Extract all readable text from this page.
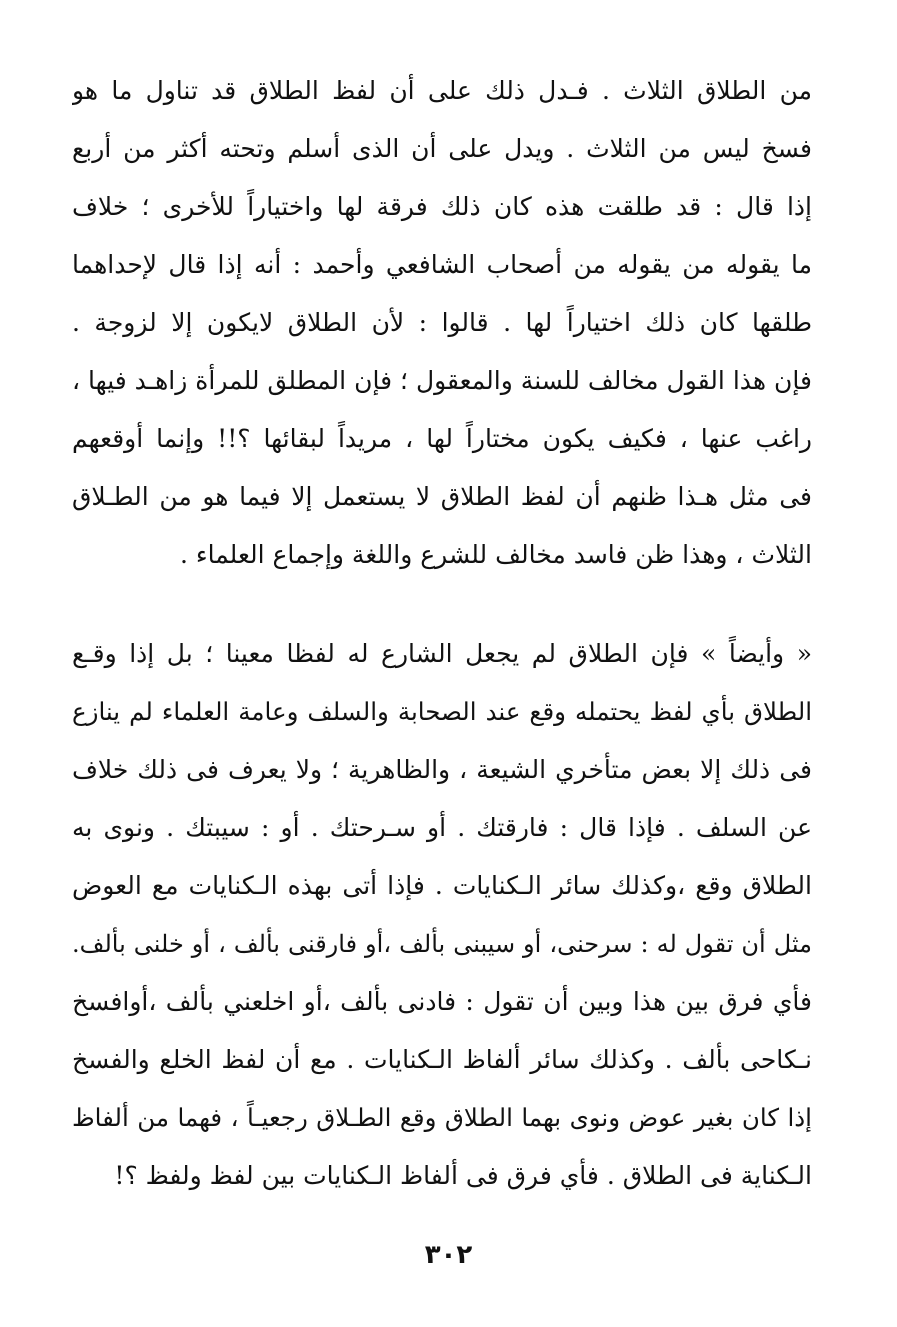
من الطلاق الثلاث . فـدل ذلك على أن لفظ الطلاق قد تناول ما هو
فسخ ليس من الثلاث . ويدل على أن الذى أسلم وتحته أكثر من أربع
إذا قال : قد طلقت هذه كان ذلك فرقة لها واختياراً للأخرى ؛ خلاف
ما يقوله من يقوله من أصحاب الشافعي وأحمد : أنه إذا قال لإحداهما
طلقها كان ذلك اختياراً لها . قالوا : لأن الطلاق لايكون إلا لزوجة .
فإن هذا القول مخالف للسنة والمعقول ؛ فإن المطلق للمرأة زاهـد فيها ،
راغب عنها ، فكيف يكون مختاراً لها ، مريداً لبقائها ؟!! وإنما أوقعهم
فى مثل هـذا ظنهم أن لفظ الطلاق لا يستعمل إلا فيما هو من الطـلاق
الثلاث ، وهذا ظن فاسد مخالف للشرع واللغة وإجماع العلماء .
« وأيضاً » فإن الطلاق لم يجعل الشارع له لفظا معينا ؛ بل إذا وقـع
الطلاق بأي لفظ يحتمله وقع عند الصحابة والسلف وعامة العلماء لم ينازع
فى ذلك إلا بعض متأخري الشيعة ، والظاهرية ؛ ولا يعرف فى ذلك خلاف
عن السلف . فإذا قال : فارقتك . أو سـرحتك . أو : سيبتك . ونوى به
الطلاق وقع ،وكذلك سائر الـكنايات . فإذا أتى بهذه الـكنايات مع العوض
مثل أن تقول له : سرحنى، أو سيبنى بألف ،أو فارقنى بألف ، أو خلنى بألف.
فأي فرق بين هذا وبين أن تقول : فادنى بألف ،أو اخلعني بألف ،أوافسخ
نـكاحى بألف . وكذلك سائر ألفاظ الـكنايات . مع أن لفظ الخلع والفسخ
إذا كان بغير عوض ونوى بهما الطلاق وقع الطـلاق رجعيـاً ، فهما من ألفاظ
الـكناية فى الطلاق . فأي فرق فى ألفاظ الـكنايات بين لفظ ولفظ ؟!
٣٠٢
